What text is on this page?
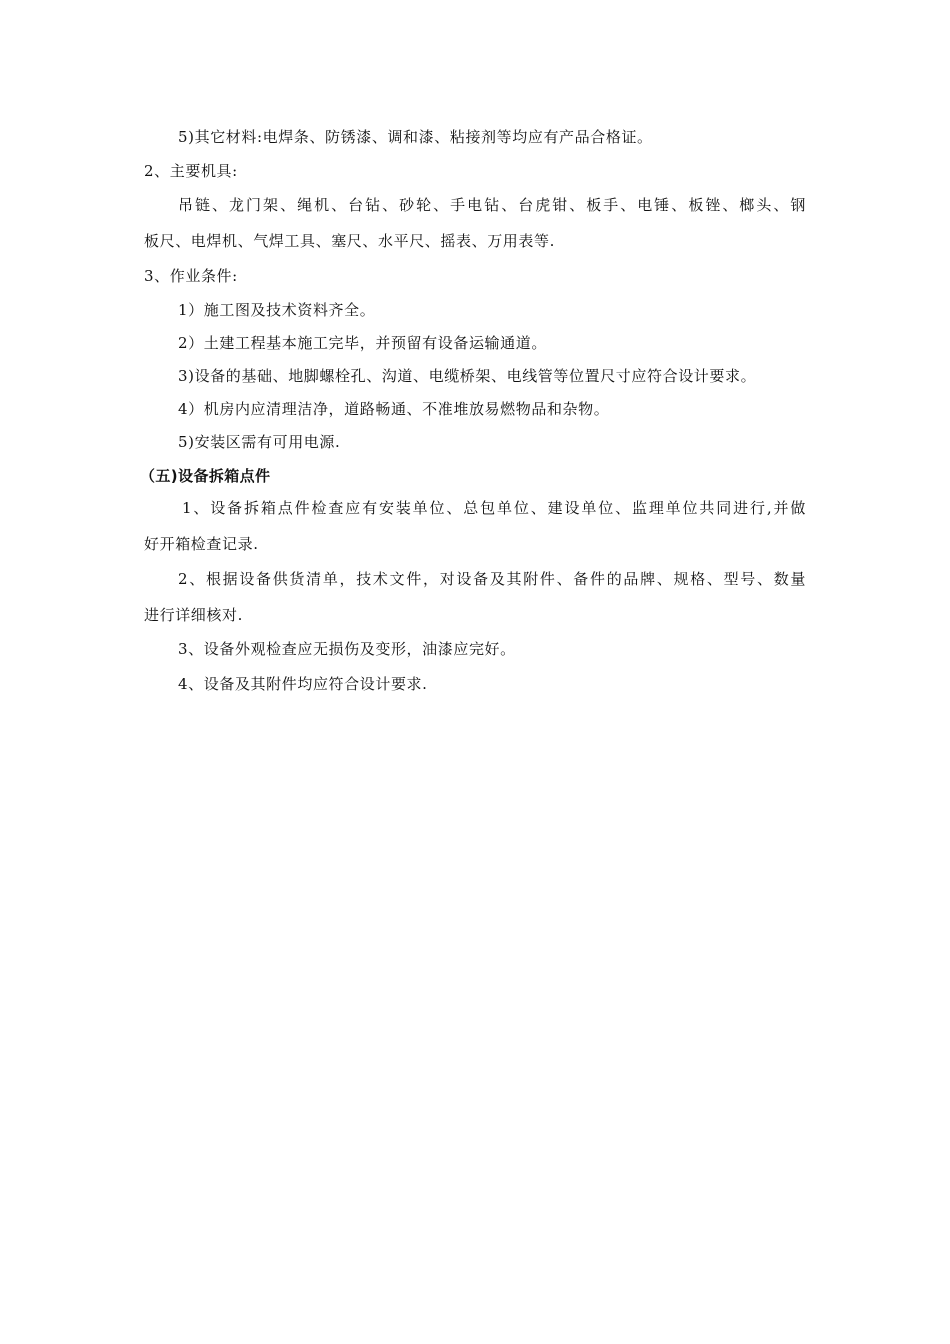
5)其它材料:电焊条、防锈漆、调和漆、粘接剂等均应有产品合格证。
2、主要机具:
吊链、龙门架、绳机、台钻、砂轮、手电钻、台虎钳、板手、电锤、板锉、榔头、钢
板尺、电焊机、气焊工具、塞尺、水平尺、摇表、万用表等.
3、作业条件:
1）施工图及技术资料齐全。
2）土建工程基本施工完毕，并预留有设备运输通道。
3)设备的基础、地脚螺栓孔、沟道、电缆桥架、电线管等位置尺寸应符合设计要求。
4）机房内应清理洁净，道路畅通、不准堆放易燃物品和杂物。
5)安装区需有可用电源.
（五)设备拆箱点件
1、设备拆箱点件检查应有安装单位、总包单位、建设单位、监理单位共同进行,并做
好开箱检查记录.
2、根据设备供货清单，技术文件，对设备及其附件、备件的品牌、规格、型号、数量
进行详细核对.
3、设备外观检查应无损伤及变形，油漆应完好。
4、设备及其附件均应符合设计要求.
